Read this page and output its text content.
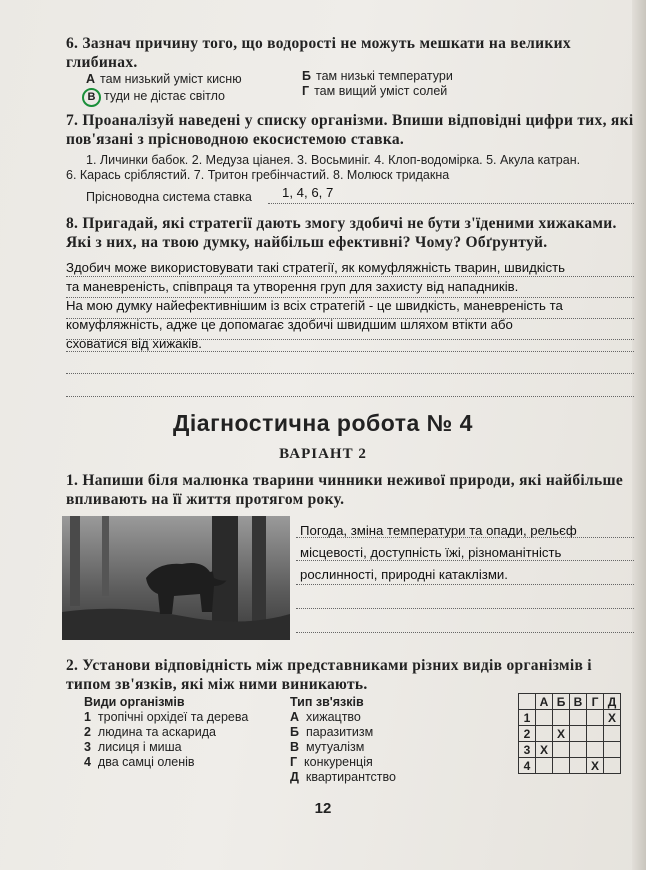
6. Зазнач причину того, що водорості не можуть мешкати на великих глибинах.
А там низький уміст кисню	Б там низькі температури
В туди не дістає світло	Г там вищий уміст солей
7. Проаналізуй наведені у списку організми. Впиши відповідні цифри тих, які пов'язані з прісноводною екосистемою ставка.
1. Личинки бабок. 2. Медуза ціанея. 3. Восьминіг. 4. Клоп-водомірка. 5. Акула катран.
6. Карась сріблястий. 7. Тритон гребінчастий. 8. Молюск тридакна
Прісноводна система ставка	1, 4, 6, 7
8. Пригадай, які стратегії дають змогу здобичі не бути з'їденими хижаками. Які з них, на твою думку, найбільш ефективні? Чому? Обґрунтуй.
Здобич може використовувати такі стратегії, як комуфляжність тварин, швидкість
та маневреність, співпраця та утворення груп для захисту від нападників.
На мою думку найефективнішим із всіх стратегій - це швидкість, маневреність та
комуфляжність, адже це допомагає здобичі швидшим шляхом втікти або
сховатися від хижаків.
Діагностична робота № 4
ВАРІАНТ 2
1. Напиши біля малюнка тварини чинники неживої природи, які найбільше впливають на її життя протягом року.
Погода, зміна температури та опади, рельєф
місцевості, доступність їжі, різноманітність
рослинності, природні катаклізми.
2. Установи відповідність між представниками різних видів організмів і типом зв'язків, які між ними виникають.
Види організмів
1 тропічні орхідеї та дерева
2 людина та аскарида
3 лисиця і миша
4 два самці оленів
Тип зв'язків
А хижацтво
Б паразитизм
В мутуалізм
Г конкуренція
Д квартирантство
	А	Б	В	Г	Д
1					X
2		X			
3	X				
4				X	
12
